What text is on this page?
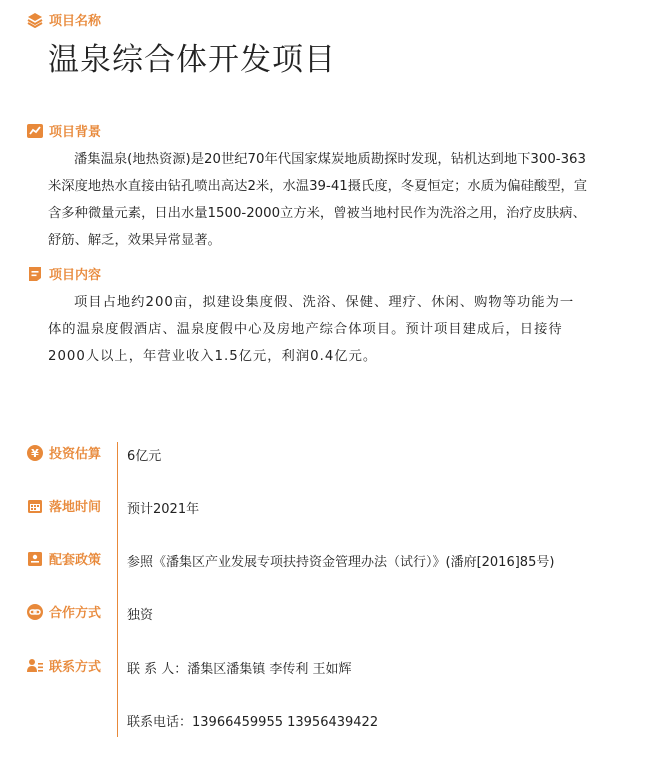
项目名称
温泉综合体开发项目
项目背景
潘集温泉(地热资源)是20世纪70年代国家煤炭地质勘探时发现，钻机达到地下300-363米深度地热水直接由钻孔喷出高达2米，水温39-41摄氏度，冬夏恒定；水质为偏硅酸型，宣含多种微量元素，日出水量1500-2000立方米，曾被当地村民作为洗浴之用，治疗皮肤病、舒筋、解乏，效果异常显著。
项目内容
项目占地约200亩，拟建设集度假、洗浴、保健、理疗、休闲、购物等功能为一体的温泉度假酒店、温泉度假中心及房地产综合体项目。预计项目建成后，日接待2000人以上，年营业收入1.5亿元，利润0.4亿元。
¥ 投资估算 6亿元
落地时间 预计2021年
配套政策 参照《潘集区产业发展专项扶持资金管理办法（试行）》(潘府[2016]85号)
合作方式 独资
联系方式 联 系 人：潘集区潘集镇 李传利 王如辉
联系电话：13966459955 13956439422
